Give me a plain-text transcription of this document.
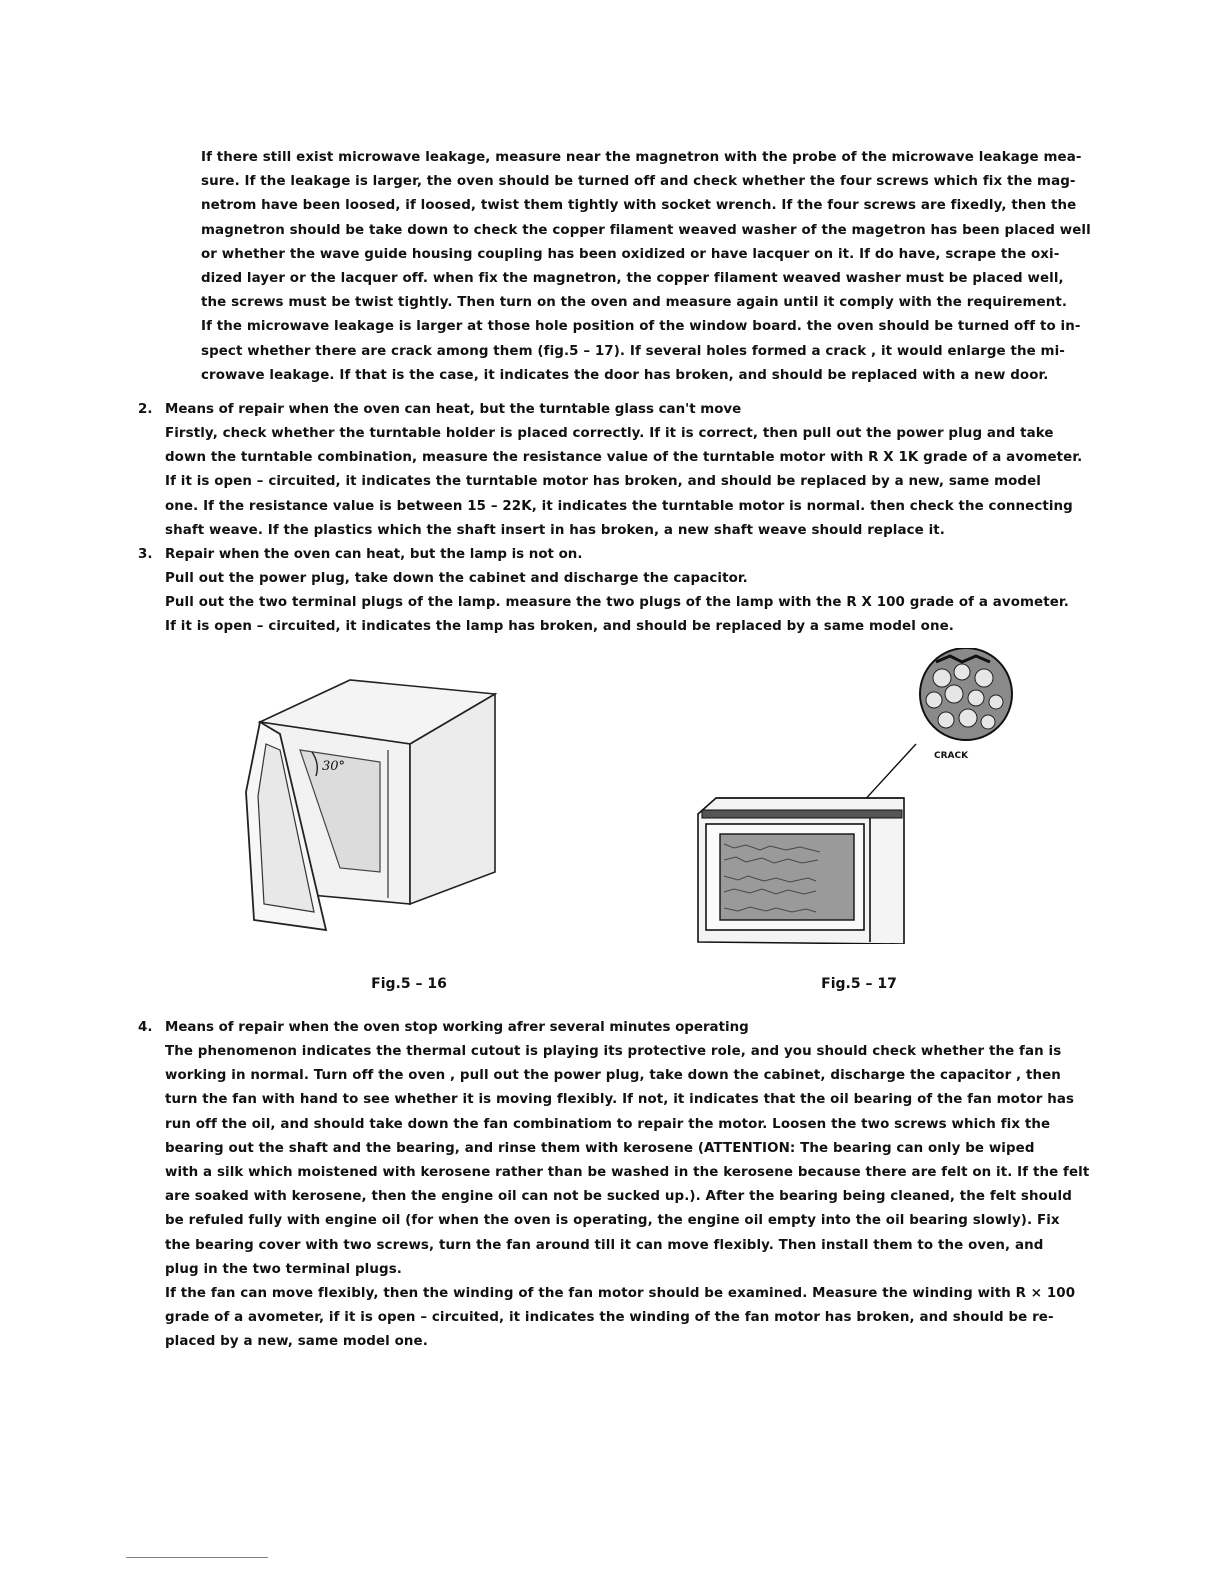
If there still exist microwave leakage, measure near the magnetron with the probe of the microwave leakage mea-
sure. If the leakage is larger, the oven should be turned off and check whether the four screws which fix the mag-
netrom have been loosed, if loosed, twist them tightly with socket wrench. If the four screws are fixedly, then the
magnetron should be take down to check the copper filament weaved washer of the magetron has been placed well
or whether the wave guide housing coupling has been oxidized or have lacquer on it. If do have, scrape the oxi-
dized layer or the lacquer off. when fix the magnetron, the copper filament weaved washer must be placed well,
the screws must be twist tightly. Then turn on the oven and measure again until it comply with the requirement.
If the microwave leakage is larger at those hole position of the window board. the oven should be turned off to in-
spect whether there are crack among them (fig.5 – 17). If several holes formed a crack , it would enlarge the mi-
crowave leakage. If that is the case, it indicates the door has broken, and should be replaced with a new door.
2. Means of repair when the oven can heat, but the turntable glass can't move
Firstly, check whether the turntable holder is placed correctly. If it is correct, then pull out the power plug and take
down the turntable combination, measure the resistance value of the turntable motor with R X 1K grade of a avometer.
If it is open – circuited, it indicates the turntable motor has broken, and should be replaced by a new, same model
one. If the resistance value is between 15 – 22K, it indicates the turntable motor is normal. then check the connecting
shaft weave. If the plastics which the shaft insert in has broken, a new shaft weave should replace it.
3. Repair when the oven can heat, but the lamp is not on.
Pull out the power plug, take down the cabinet and discharge the capacitor.
Pull out the two terminal plugs of the lamp. measure the two plugs of the lamp with the R X 100 grade of a avometer.
If it is open – circuited, it indicates the lamp has broken, and should be replaced by a same model one.
30°
CRACK
Fig.5 – 16	Fig.5 – 17
4. Means of repair when the oven stop working afrer several minutes operating
The phenomenon indicates the thermal cutout is playing its protective role, and you should check whether the fan is
working in normal. Turn off the oven , pull out the power plug, take down the cabinet, discharge the capacitor , then
turn the fan with hand to see whether it is moving flexibly. If not, it indicates that the oil bearing of the fan motor has
run off the oil, and should take down the fan combinatiom to repair the motor. Loosen the two screws which fix the
bearing out the shaft and the bearing, and rinse them with kerosene (ATTENTION: The bearing can only be wiped
with a silk which moistened with kerosene rather than be washed in the kerosene because there are felt on it. If the felt
are soaked with kerosene, then the engine oil can not be sucked up.). After the bearing being cleaned, the felt should
be refuled fully with engine oil (for when the oven is operating, the engine oil empty into the oil bearing slowly). Fix
the bearing cover with two screws, turn the fan around till it can move flexibly. Then install them to the oven, and
plug in the two terminal plugs.
If the fan can move flexibly, then the winding of the fan motor should be examined. Measure the winding with R × 100
grade of a avometer, if it is open – circuited, it indicates the winding of the fan motor has broken, and should be re-
placed by a new, same model one.
